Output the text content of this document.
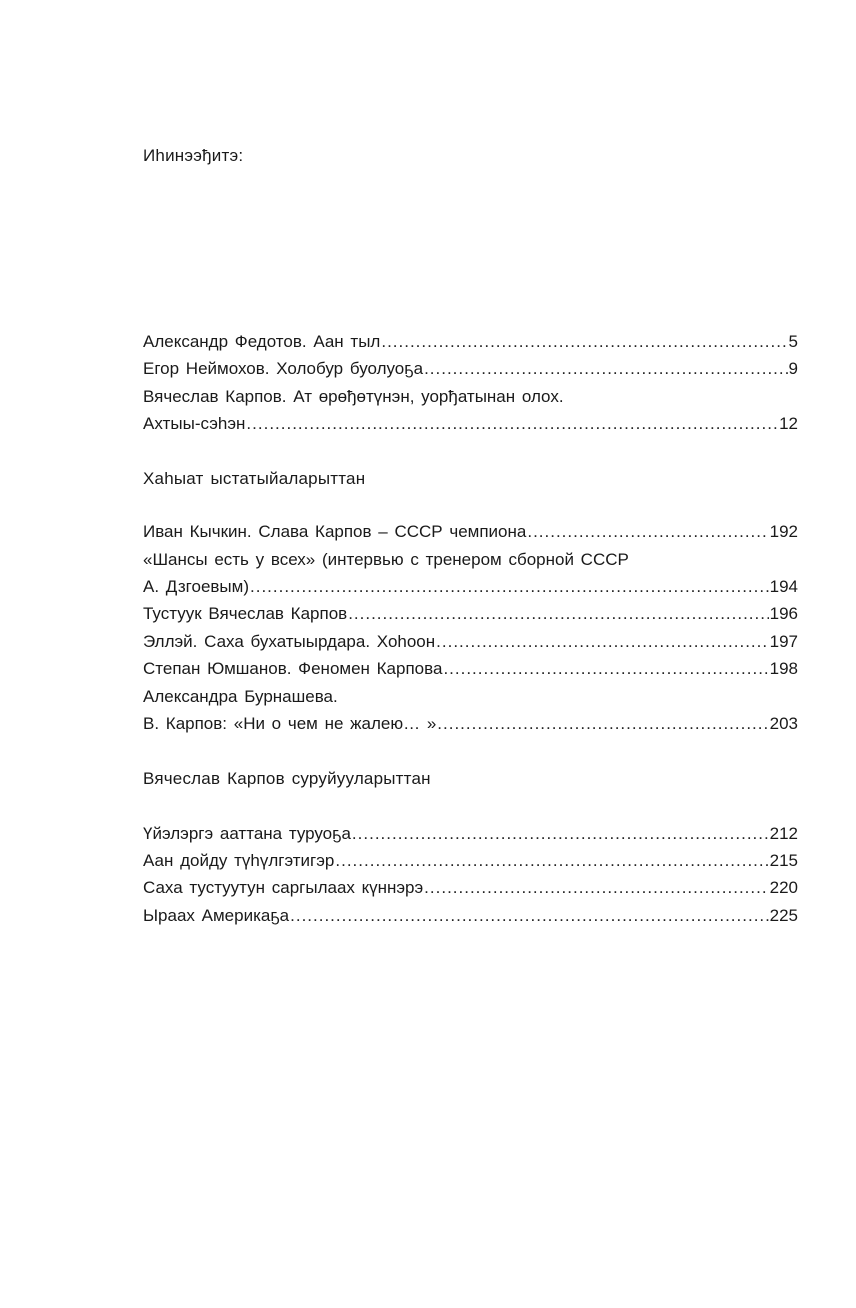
Иһинээђитэ:
Александр Федотов. Аан тыл .....	5
Егор Неймохов. Холобур буолуоҕа .....	9
Вячеслав Карпов. Ат өрөђөтүнэн, уорђатынан олох.
Ахтыы-сэһэн .....	12
Хаһыат ыстатыйаларыттан
Иван Кычкин. Слава Карпов – СССР чемпиона .....	192
«Шансы есть у всех» (интервью с тренером сборной СССР
А. Дзгоевым) .....	194
Тустуук Вячеслав Карпов .....	196
Эллэй. Саха бухатыырдара. Хоһоон .....	197
Степан Юмшанов. Феномен Карпова .....	198
Александра Бурнашева.
В. Карпов: «Ни о чем не жалею… » .....	203
Вячеслав Карпов суруйууларыттан
Үйэлэргэ ааттана туруоҕа .....	212
Аан дойду түһүлгэтигэр .....	215
Саха тустуутун саргылаах күннэрэ .....	220
Ыраах Америкаҕа .....	225
